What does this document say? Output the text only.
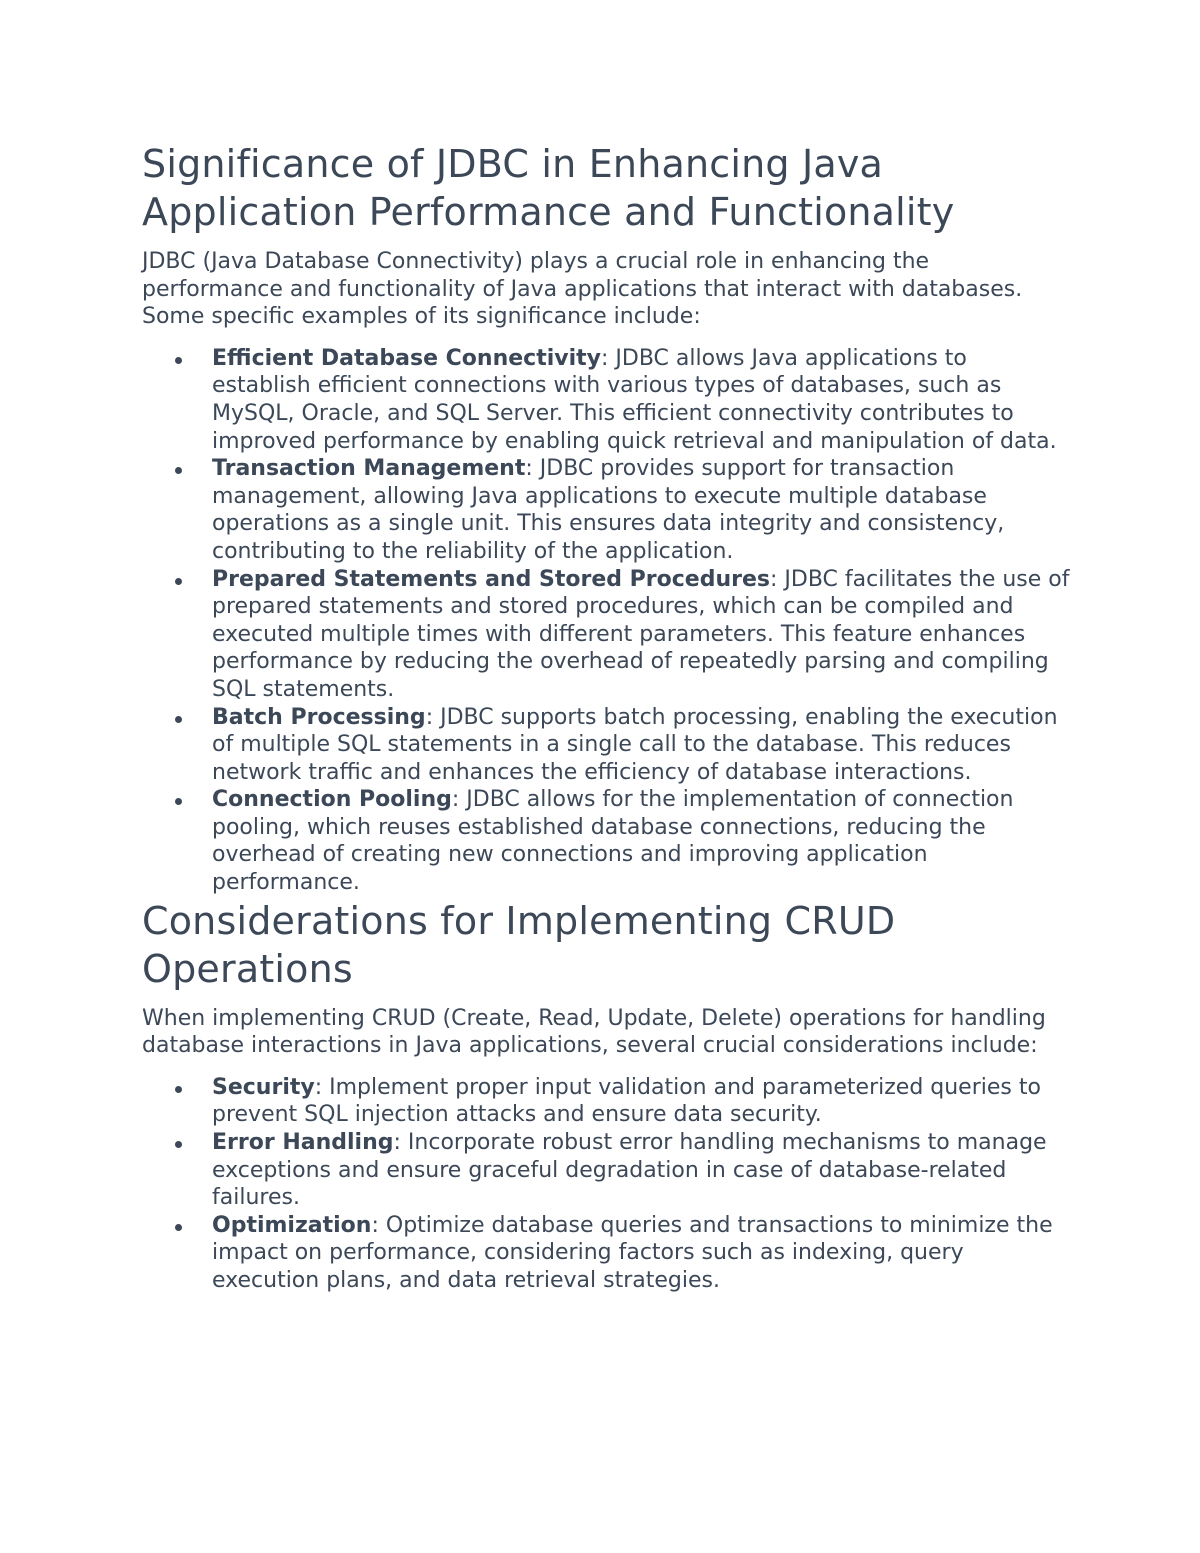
Significance of JDBC in Enhancing Java Application Performance and Functionality

JDBC (Java Database Connectivity) plays a crucial role in enhancing the performance and functionality of Java applications that interact with databases. Some specific examples of its significance include:

Efficient Database Connectivity: JDBC allows Java applications to establish efficient connections with various types of databases, such as MySQL, Oracle, and SQL Server. This efficient connectivity contributes to improved performance by enabling quick retrieval and manipulation of data.
Transaction Management: JDBC provides support for transaction management, allowing Java applications to execute multiple database operations as a single unit. This ensures data integrity and consistency, contributing to the reliability of the application.
Prepared Statements and Stored Procedures: JDBC facilitates the use of prepared statements and stored procedures, which can be compiled and executed multiple times with different parameters. This feature enhances performance by reducing the overhead of repeatedly parsing and compiling SQL statements.
Batch Processing: JDBC supports batch processing, enabling the execution of multiple SQL statements in a single call to the database. This reduces network traffic and enhances the efficiency of database interactions.
Connection Pooling: JDBC allows for the implementation of connection pooling, which reuses established database connections, reducing the overhead of creating new connections and improving application performance.
Considerations for Implementing CRUD Operations

When implementing CRUD (Create, Read, Update, Delete) operations for handling database interactions in Java applications, several crucial considerations include:

Security: Implement proper input validation and parameterized queries to prevent SQL injection attacks and ensure data security.
Error Handling: Incorporate robust error handling mechanisms to manage exceptions and ensure graceful degradation in case of database-related failures.
Optimization: Optimize database queries and transactions to minimize the impact on performance, considering factors such as indexing, query execution plans, and data retrieval strategies.
